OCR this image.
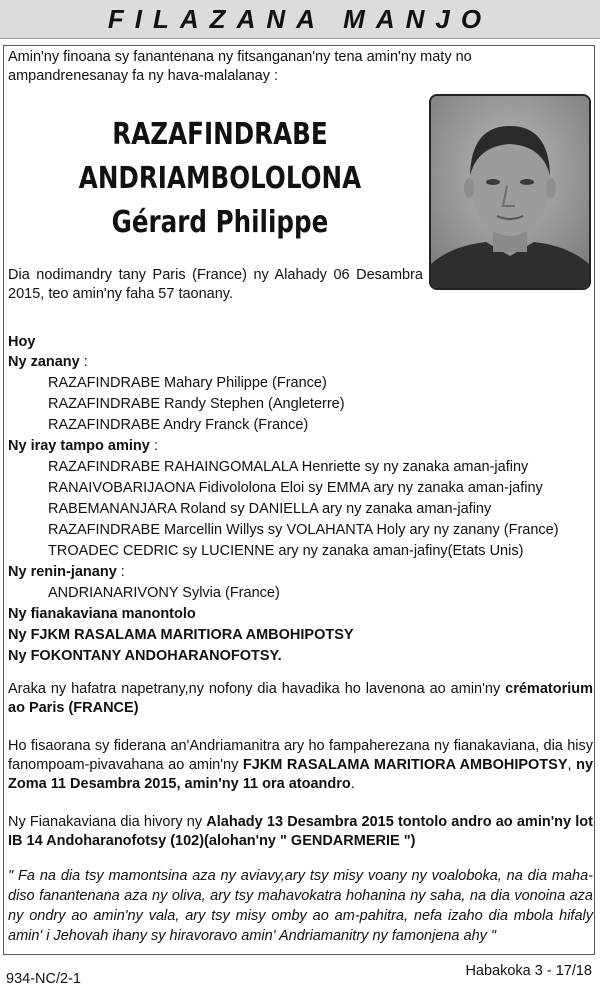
FILAZANA MANJO
Amin'ny finoana sy fanantenana ny fitsanganan'ny tena amin'ny maty no ampandrenesanay fa ny hava-malalanay :
RAZAFINDRABE
ANDRIAMBOLOLONA
Gérard Philippe
Dia nodimandry tany Paris (France) ny Alahady 06 Desambra 2015, teo amin'ny faha 57 taonany.
Hoy
Ny zanany :
RAZAFINDRABE Mahary Philippe (France)
RAZAFINDRABE Randy Stephen (Angleterre)
RAZAFINDRABE Andry Franck (France)
Ny iray tampo aminy :
RAZAFINDRABE RAHAINGOMALALA Henriette sy ny zanaka aman-jafiny
RANAIVOBARIJAONA Fidivololona Eloi sy EMMA ary ny zanaka aman-jafiny
RABEMANANJARA Roland sy DANIELLA ary ny zanaka aman-jafiny
RAZAFINDRABE Marcellin Willys sy VOLAHANTA Holy ary ny zanany (France)
TROADEC CEDRIC sy LUCIENNE ary ny zanaka aman-jafiny(Etats Unis)
Ny renin-janany :
ANDRIANARIVONY Sylvia (France)
Ny fianakaviana manontolo
Ny FJKM RASALAMA MARITIORA AMBOHIPOTSY
Ny FOKONTANY ANDOHARANOFOTSY.
Araka ny hafatra napetrany,ny nofony dia havadika ho lavenona ao amin'ny crématorium ao Paris (FRANCE)
Ho fisaorana sy fiderana an'Andriamanitra ary ho fampaherezana ny fianakaviana, dia hisy fanompoam-pivavahana ao amin'ny FJKM RASALAMA MARITIORA AMBOHIPOTSY, ny Zoma 11 Desambra 2015, amin'ny 11 ora atoandro.
Ny Fianakaviana dia hivory ny Alahady 13 Desambra 2015 tontolo andro ao amin'ny lot IB 14 Andoharanofotsy (102)(alohan'ny " GENDARMERIE ")
" Fa na dia tsy mamontsina aza ny aviavy,ary tsy misy voany ny voaloboka, na dia maha-diso fanantenana aza ny oliva, ary tsy mahavokatra hohanina ny saha, na dia vonoina aza ny ondry ao amin'ny vala, ary tsy misy omby ao am-pahitra, nefa izaho dia mbola hifaly amin' i Jehovah ihany sy hiravoravo amin' Andriamanitry ny famonjena ahy "
934-NC/2-1	Habakoka 3 - 17/18
